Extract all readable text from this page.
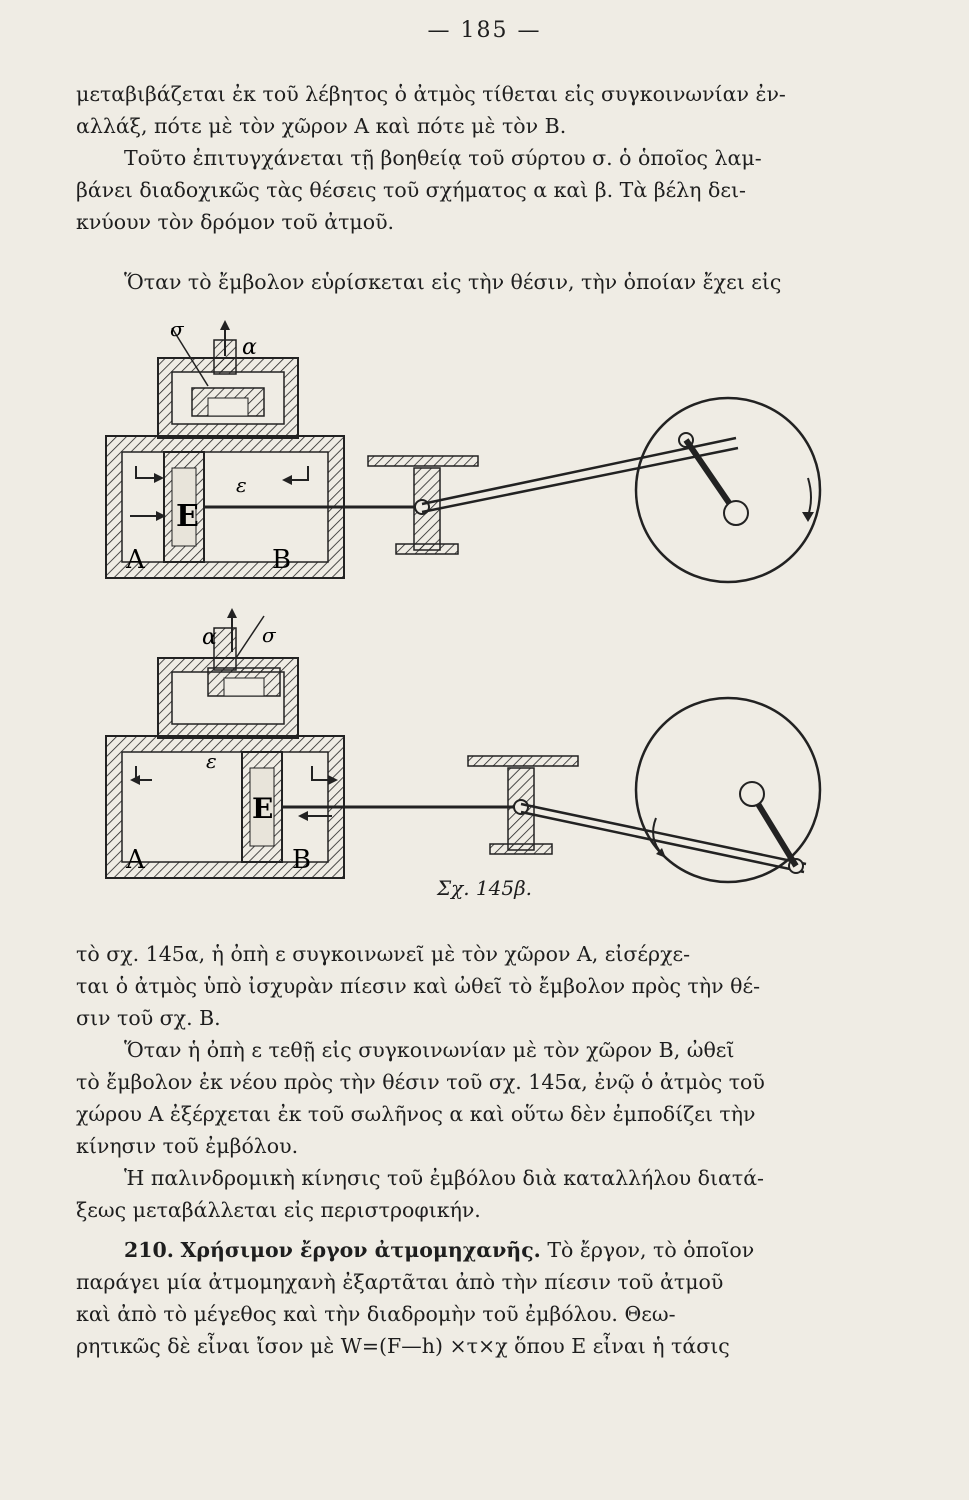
— 185 —
μεταβιβάζεται ἐκ τοῦ λέβητος ὁ ἀτμὸς τίθεται εἰς συγκοινωνίαν ἐν-
αλλάξ, πότε μὲ τὸν χῶρον Α καὶ πότε μὲ τὸν Β.
Τοῦτο ἐπιτυγχάνεται τῇ βοηθείᾳ τοῦ σύρτου σ. ὁ ὁποῖος λαμ-
βάνει διαδοχικῶς τὰς θέσεις τοῦ σχήματος α καὶ β. Τὰ βέλη δει-
κνύουν τὸν δρόμον τοῦ ἀτμοῦ.
Ὅταν τὸ ἔμβολον εὑρίσκεται εἰς τὴν θέσιν, τὴν ὁποίαν ἔχει εἰς
σ
α
ε
Ε
Α	Β
α σ
ε
Ε
Α	Β
Σχ. 145β.
τὸ σχ. 145α, ἡ ὀπὴ ε συγκοινωνεῖ μὲ τὸν χῶρον Α, εἰσέρχε-
ται ὁ ἀτμὸς ὑπὸ ἰσχυρὰν πίεσιν καὶ ὠθεῖ τὸ ἔμβολον πρὸς τὴν θέ-
σιν τοῦ σχ. Β.
Ὅταν ἡ ὀπὴ ε τεθῇ εἰς συγκοινωνίαν μὲ τὸν χῶρον Β, ὠθεῖ
τὸ ἔμβολον ἐκ νέου πρὸς τὴν θέσιν τοῦ σχ. 145α, ἐνῷ ὁ ἀτμὸς τοῦ
χώρου Α ἐξέρχεται ἐκ τοῦ σωλῆνος α καὶ οὕτω δὲν ἐμποδίζει τὴν
κίνησιν τοῦ ἐμβόλου.
Ἡ παλινδρομικὴ κίνησις τοῦ ἐμβόλου διὰ καταλλήλου διατά-
ξεως μεταβάλλεται εἰς περιστροφικήν.
210. Χρήσιμον ἔργον ἀτμομηχανῆς. Τὸ ἔργον, τὸ ὁποῖον
παράγει μία ἀτμομηχανὴ ἐξαρτᾶται ἀπὸ τὴν πίεσιν τοῦ ἀτμοῦ
καὶ ἀπὸ τὸ μέγεθος καὶ τὴν διαδρομὴν τοῦ ἐμβόλου. Θεω-
ρητικῶς δὲ εἶναι ἴσον μὲ W=(F—h) ×τ×χ ὅπου Ε εἶναι ἡ τάσις
